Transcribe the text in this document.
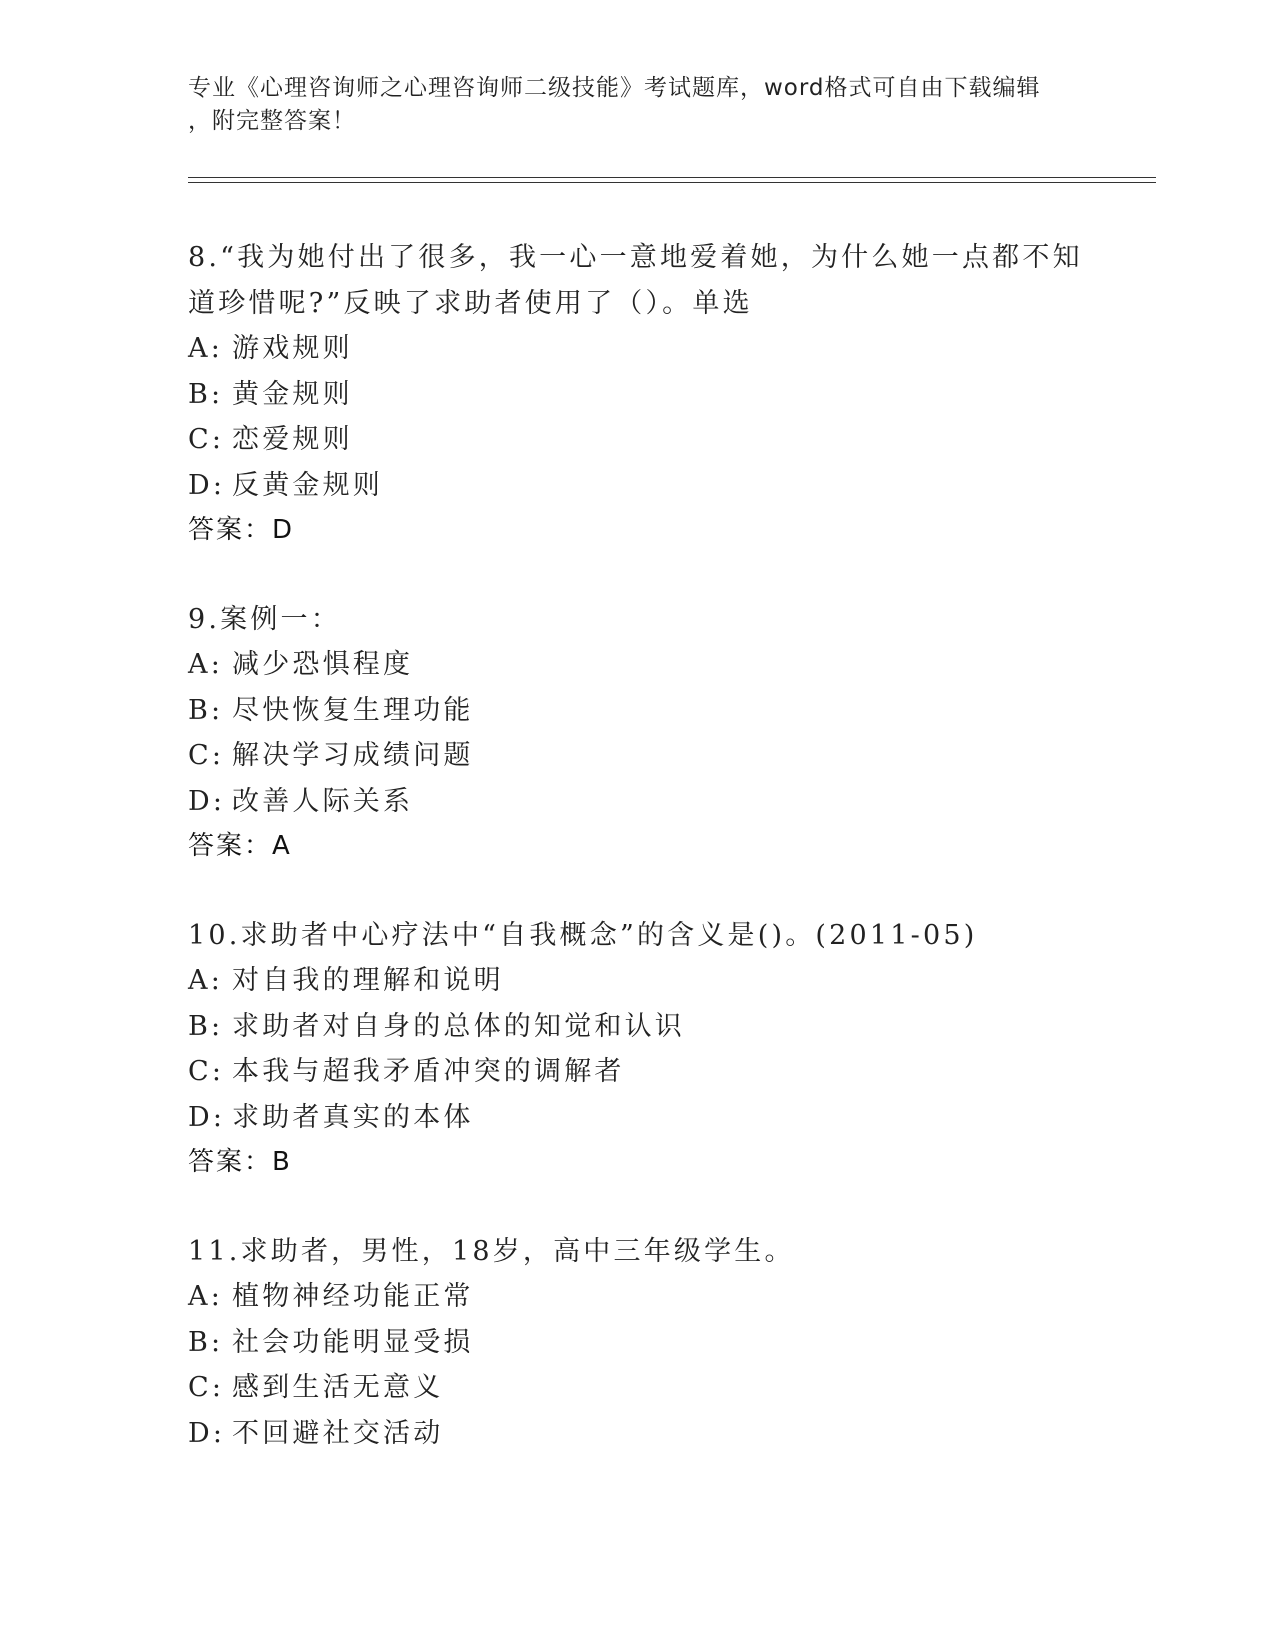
专业《心理咨询师之心理咨询师二级技能》考试题库，word格式可自由下载编辑
，附完整答案！
8.“我为她付出了很多，我一心一意地爱着她，为什么她一点都不知
道珍惜呢?”反映了求助者使用了（）。单选
A: 游戏规则
B: 黄金规则
C: 恋爱规则
D: 反黄金规则
答案：D
9.案例一：
A: 减少恐惧程度
B: 尽快恢复生理功能
C: 解决学习成绩问题
D: 改善人际关系
答案：A
10.求助者中心疗法中“自我概念”的含义是()。(2011-05)
A: 对自我的理解和说明
B: 求助者对自身的总体的知觉和认识
C: 本我与超我矛盾冲突的调解者
D: 求助者真实的本体
答案：B
11.求助者，男性，18岁，高中三年级学生。
A: 植物神经功能正常
B: 社会功能明显受损
C: 感到生活无意义
D: 不回避社交活动
